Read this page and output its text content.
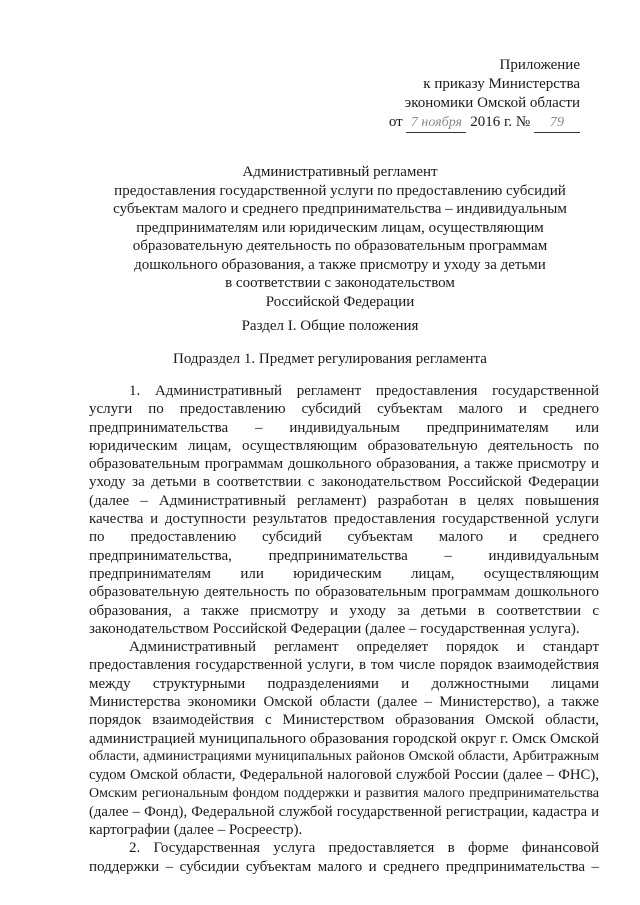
Приложение
к приказу Министерства
экономики Омской области
от 7 ноября 2016 г. № 79
Административный регламент
предоставления государственной услуги по предоставлению субсидий
субъектам малого и среднего предпринимательства – индивидуальным
предпринимателям или юридическим лицам, осуществляющим
образовательную деятельность по образовательным программам
дошкольного образования, а также присмотру и уходу за детьми
в соответствии с законодательством
Российской Федерации
Раздел I. Общие положения
Подраздел 1. Предмет регулирования регламента
1. Административный регламент предоставления государственной
услуги по предоставлению субсидий субъектам малого и среднего
предпринимательства – индивидуальным предпринимателям или
юридическим лицам, осуществляющим образовательную деятельность по
образовательным программам дошкольного образования, а также присмотру и
уходу за детьми в соответствии с законодательством Российской Федерации
(далее – Административный регламент) разработан в целях повышения
качества и доступности результатов предоставления государственной услуги
по предоставлению субсидий субъектам малого и среднего
предпринимательства, предпринимательства – индивидуальным
предпринимателям или юридическим лицам, осуществляющим
образовательную деятельность по образовательным программам дошкольного
образования, а также присмотру и уходу за детьми в соответствии с
законодательством Российской Федерации (далее – государственная услуга).
Административный регламент определяет порядок и стандарт
предоставления государственной услуги, в том числе порядок взаимодействия
между структурными подразделениями и должностными лицами
Министерства экономики Омской области (далее – Министерство), а также
порядок взаимодействия с Министерством образования Омской области,
администрацией муниципального образования городской округ г. Омск Омской
области, администрациями муниципальных районов Омской области, Арбитражным
судом Омской области, Федеральной налоговой службой России (далее – ФНС),
Омским региональным фондом поддержки и развития малого предпринимательства
(далее – Фонд), Федеральной службой государственной регистрации, кадастра и
картографии (далее – Росреестр).
2. Государственная услуга предоставляется в форме финансовой
поддержки – субсидии субъектам малого и среднего предпринимательства –
